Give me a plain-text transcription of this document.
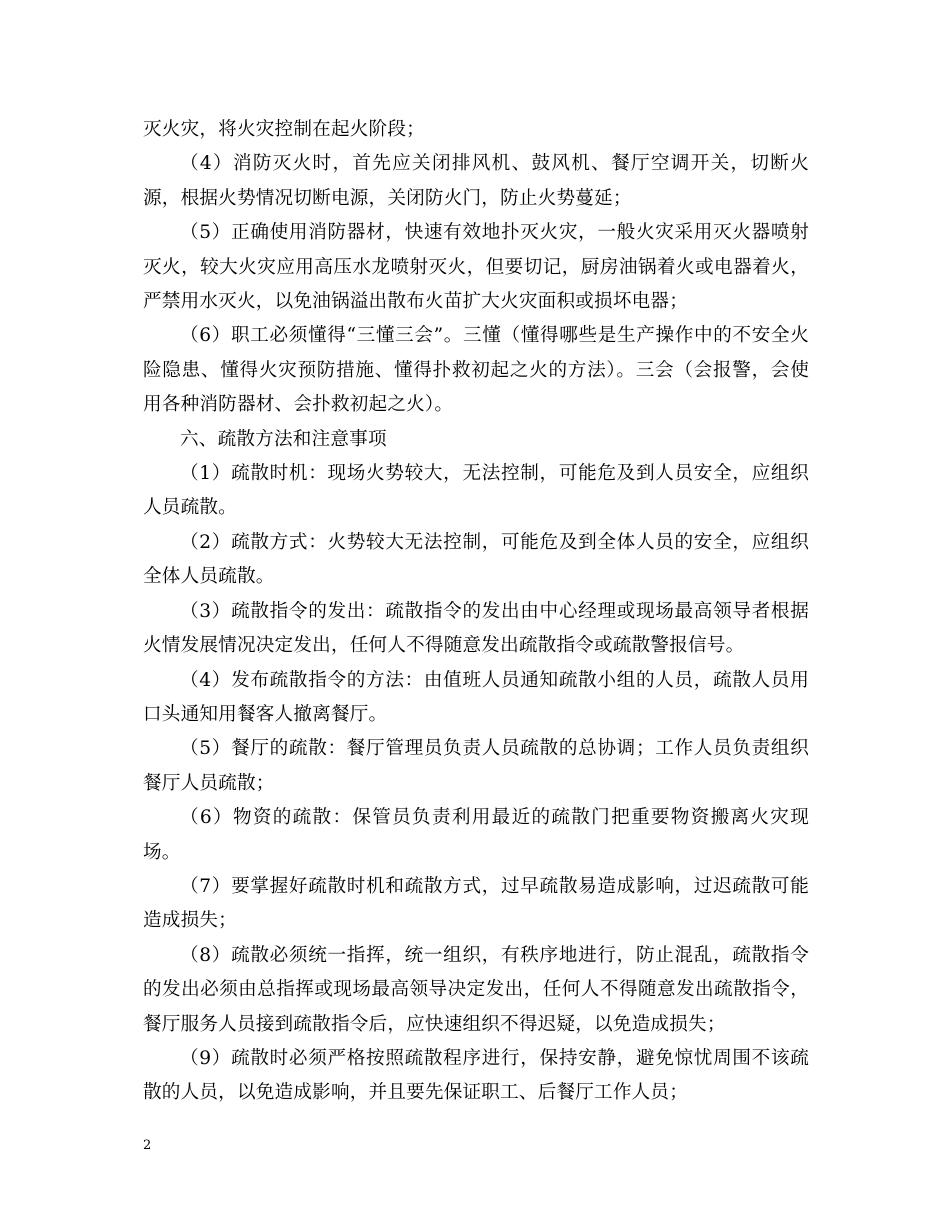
灭火灾，将火灾控制在起火阶段；

（4）消防灭火时，首先应关闭排风机、鼓风机、餐厅空调开关，切断火源，根据火势情况切断电源，关闭防火门，防止火势蔓延；

（5）正确使用消防器材，快速有效地扑灭火灾，一般火灾采用灭火器喷射灭火，较大火灾应用高压水龙喷射灭火，但要切记，厨房油锅着火或电器着火，严禁用水灭火，以免油锅溢出散布火苗扩大火灾面积或损坏电器；

（6）职工必须懂得“三懂三会”。三懂（懂得哪些是生产操作中的不安全火险隐患、懂得火灾预防措施、懂得扑救初起之火的方法）。三会（会报警，会使用各种消防器材、会扑救初起之火）。

六、疏散方法和注意事项

（1）疏散时机：现场火势较大，无法控制，可能危及到人员安全，应组织人员疏散。

（2）疏散方式：火势较大无法控制，可能危及到全体人员的安全，应组织全体人员疏散。

（3）疏散指令的发出：疏散指令的发出由中心经理或现场最高领导者根据火情发展情况决定发出，任何人不得随意发出疏散指令或疏散警报信号。

（4）发布疏散指令的方法：由值班人员通知疏散小组的人员，疏散人员用口头通知用餐客人撤离餐厅。

（5）餐厅的疏散：餐厅管理员负责人员疏散的总协调；工作人员负责组织餐厅人员疏散；

（6）物资的疏散：保管员负责利用最近的疏散门把重要物资搬离火灾现场。

（7）要掌握好疏散时机和疏散方式，过早疏散易造成影响，过迟疏散可能造成损失；

（8）疏散必须统一指挥，统一组织，有秩序地进行，防止混乱，疏散指令的发出必须由总指挥或现场最高领导决定发出，任何人不得随意发出疏散指令，餐厅服务人员接到疏散指令后，应快速组织不得迟疑，以免造成损失；

（9）疏散时必须严格按照疏散程序进行，保持安静，避免惊忧周围不该疏散的人员，以免造成影响，并且要先保证职工、后餐厅工作人员；

2
